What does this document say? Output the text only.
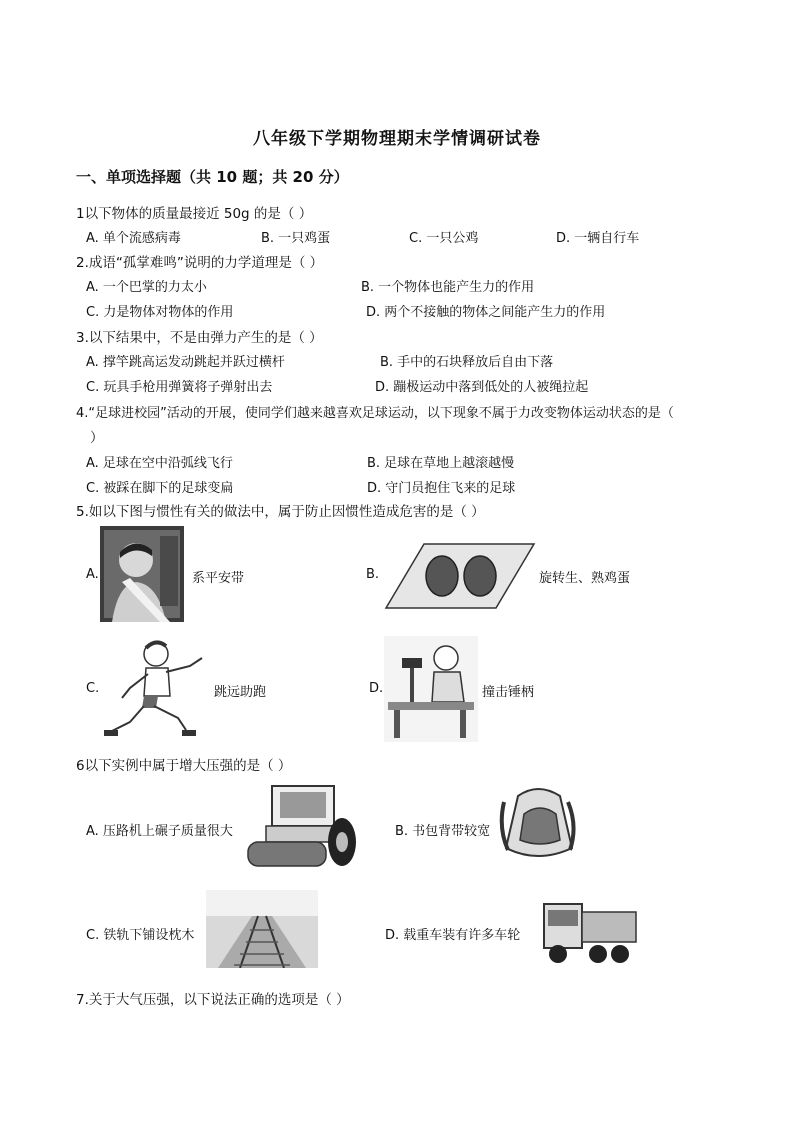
八年级下学期物理期末学情调研试卷
一、单项选择题（共 10 题；共 20 分）
1以下物体的质量最接近 50g 的是（ ）
A. 单个流感病毒	B. 一只鸡蛋	C. 一只公鸡	D. 一辆自行车
2.成语“孤掌难鸣”说明的力学道理是（ ）
A. 一个巴掌的力太小	B. 一个物体也能产生力的作用
C. 力是物体对物体的作用	D. 两个不接触的物体之间能产生力的作用
3.以下结果中，不是由弹力产生的是（ ）
A. 撑竿跳高运发动跳起并跃过横杆	B. 手中的石块释放后自由下落
C. 玩具手枪用弹簧将子弹射出去	D. 蹦极运动中落到低处的人被绳拉起
4.“足球进校园”活动的开展，使同学们越来越喜欢足球运动，以下现象不属于力改变物体运动状态的是（
）
A. 足球在空中沿弧线飞行	B. 足球在草地上越滚越慢
C. 被踩在脚下的足球变扁	D. 守门员抱住飞来的足球
5.如以下图与惯性有关的做法中，属于防止因惯性造成危害的是（ ）
A.	系平安带	B.	旋转生、熟鸡蛋
C.	跳远助跑	D.	撞击锤柄
6以下实例中属于增大压强的是（ ）
A. 压路机上碾子质量很大	B. 书包背带较宽
C. 铁轨下铺设枕木	D. 载重车装有许多车轮
7.关于大气压强，以下说法正确的选项是（ ）
